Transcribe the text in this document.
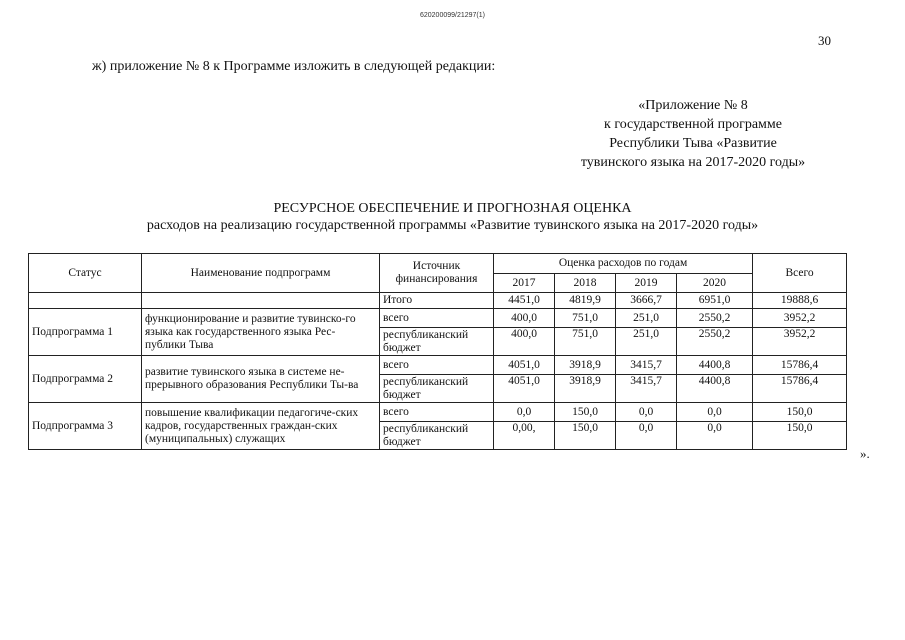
620200099/21297(1)
30
ж) приложение № 8 к Программе изложить в следующей редакции:
«Приложение № 8
к государственной программе
Республики Тыва «Развитие
тувинского языка на 2017-2020 годы»
РЕСУРСНОЕ ОБЕСПЕЧЕНИЕ И ПРОГНОЗНАЯ ОЦЕНКА
расходов на реализацию государственной программы «Развитие тувинского языка на 2017-2020 годы»
Статус	Наименование подпрограмм	Источник финансирования	Оценка расходов по годам				Всего
			2017	2018	2019	2020	
		Итого	4451,0	4819,9	3666,7	6951,0	19888,6
Подпрограмма 1	функционирование и развитие тувинско-го языка как государственного языка Рес-публики Тыва	всего	400,0	751,0	251,0	2550,2	3952,2
		республиканский бюджет	400,0	751,0	251,0	2550,2	3952,2
Подпрограмма 2	развитие тувинского языка в системе не-прерывного образования Республики Ты-ва	всего	4051,0	3918,9	3415,7	4400,8	15786,4
		республиканский бюджет	4051,0	3918,9	3415,7	4400,8	15786,4
Подпрограмма 3	повышение квалификации педагогиче-ских кадров, государственных граждан-ских (муниципальных) служащих	всего	0,0	150,0	0,0	0,0	150,0
		республиканский бюджет	0,00,	150,0	0,0	0,0	150,0
».
